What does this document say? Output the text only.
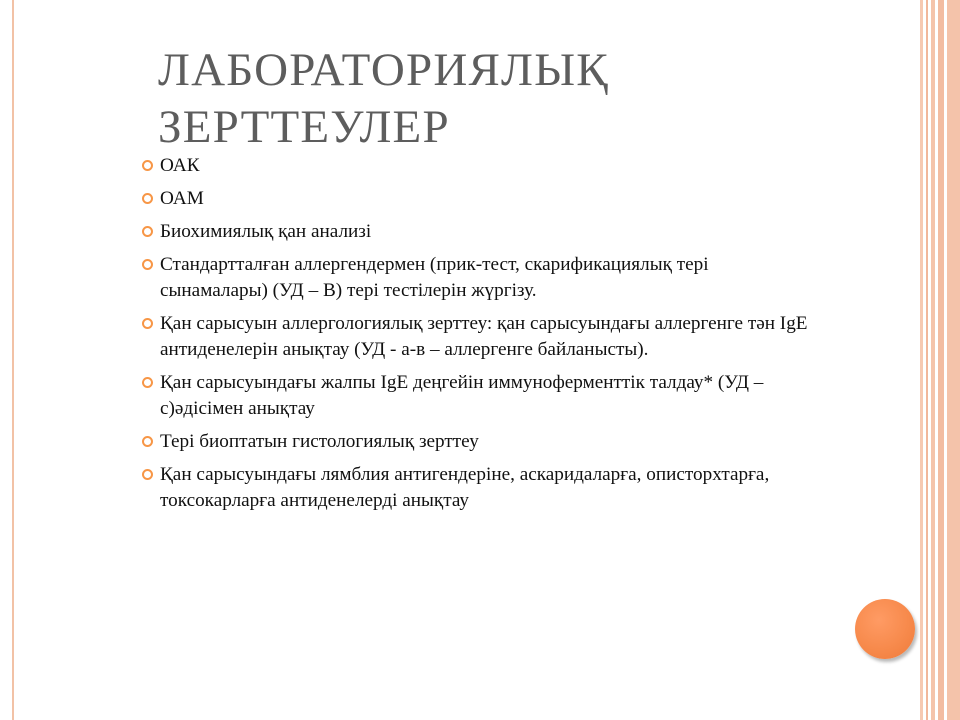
ЛАБОРАТОРИЯЛЫҚ ЗЕРТТЕУЛЕР
ОАК
ОАМ
Биохимиялық қан анализі
Стандартталған аллергендермен (прик-тест, скарификациялық тері сынамалары) (УД – В) тері тестілерін жүргізу.
Қан сарысуын аллергологиялық зерттеу: қан сарысуындағы аллергенге тән IgE антиденелерін анықтау (УД - а-в – аллергенге байланысты).
Қан сарысуындағы жалпы IgE деңгейін иммуноферменттік талдау* (УД – с)әдісімен анықтау
Тері биоптатын гистологиялық зерттеу
Қан сарысуындағы лямблия антигендеріне, аскаридаларға, описторхтарға, токсокарларға антиденелерді анықтау
